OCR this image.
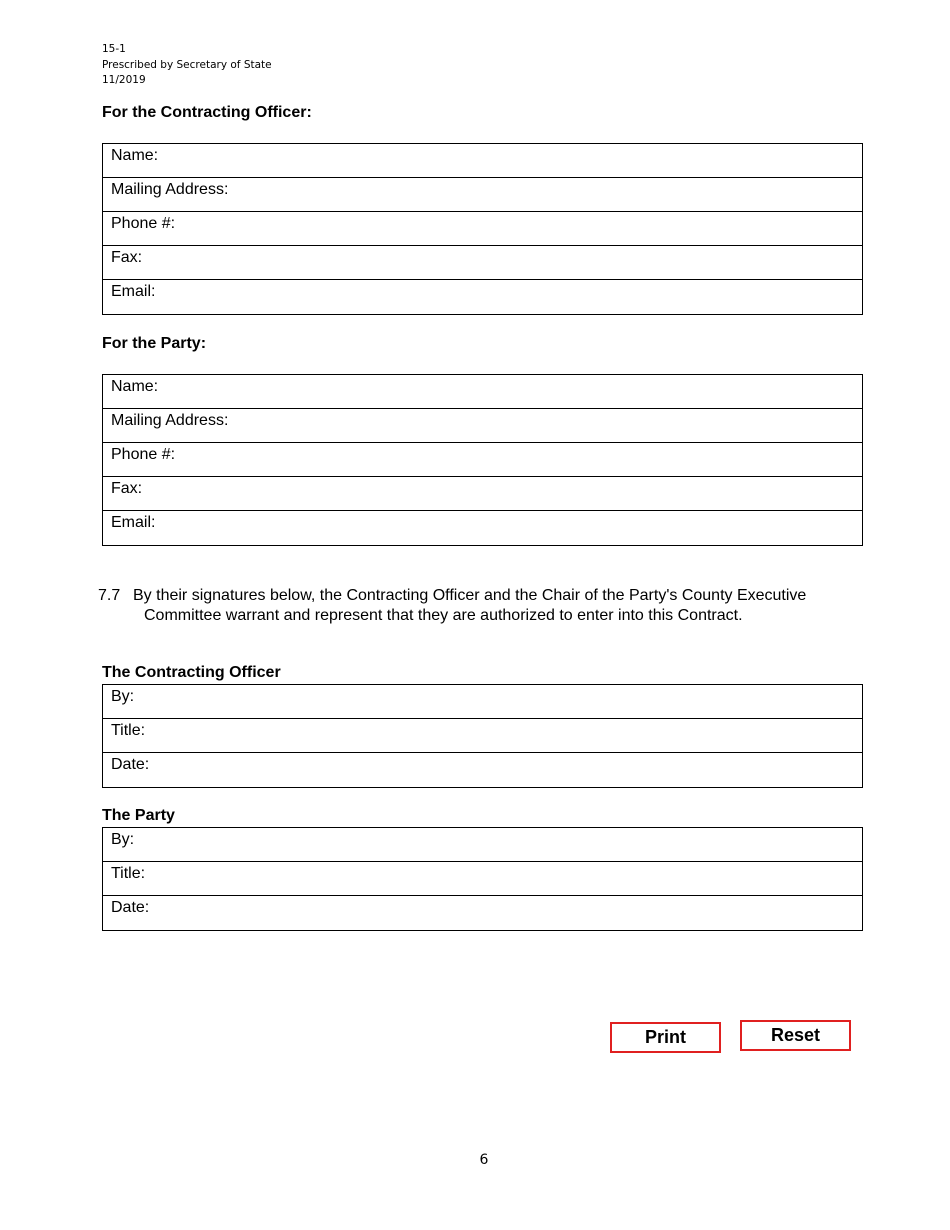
15-1
Prescribed by Secretary of State
11/2019
For the Contracting Officer:
Name:
Mailing Address:
Phone #:
Fax:
Email:
For the Party:
Name:
Mailing Address:
Phone #:
Fax:
Email:
7.7 By their signatures below, the Contracting Officer and the Chair of the Party's County Executive
Committee warrant and represent that they are authorized to enter into this Contract.
The Contracting Officer
By:
Title:
Date:
The Party
By:
Title:
Date:
Print	Reset
6
